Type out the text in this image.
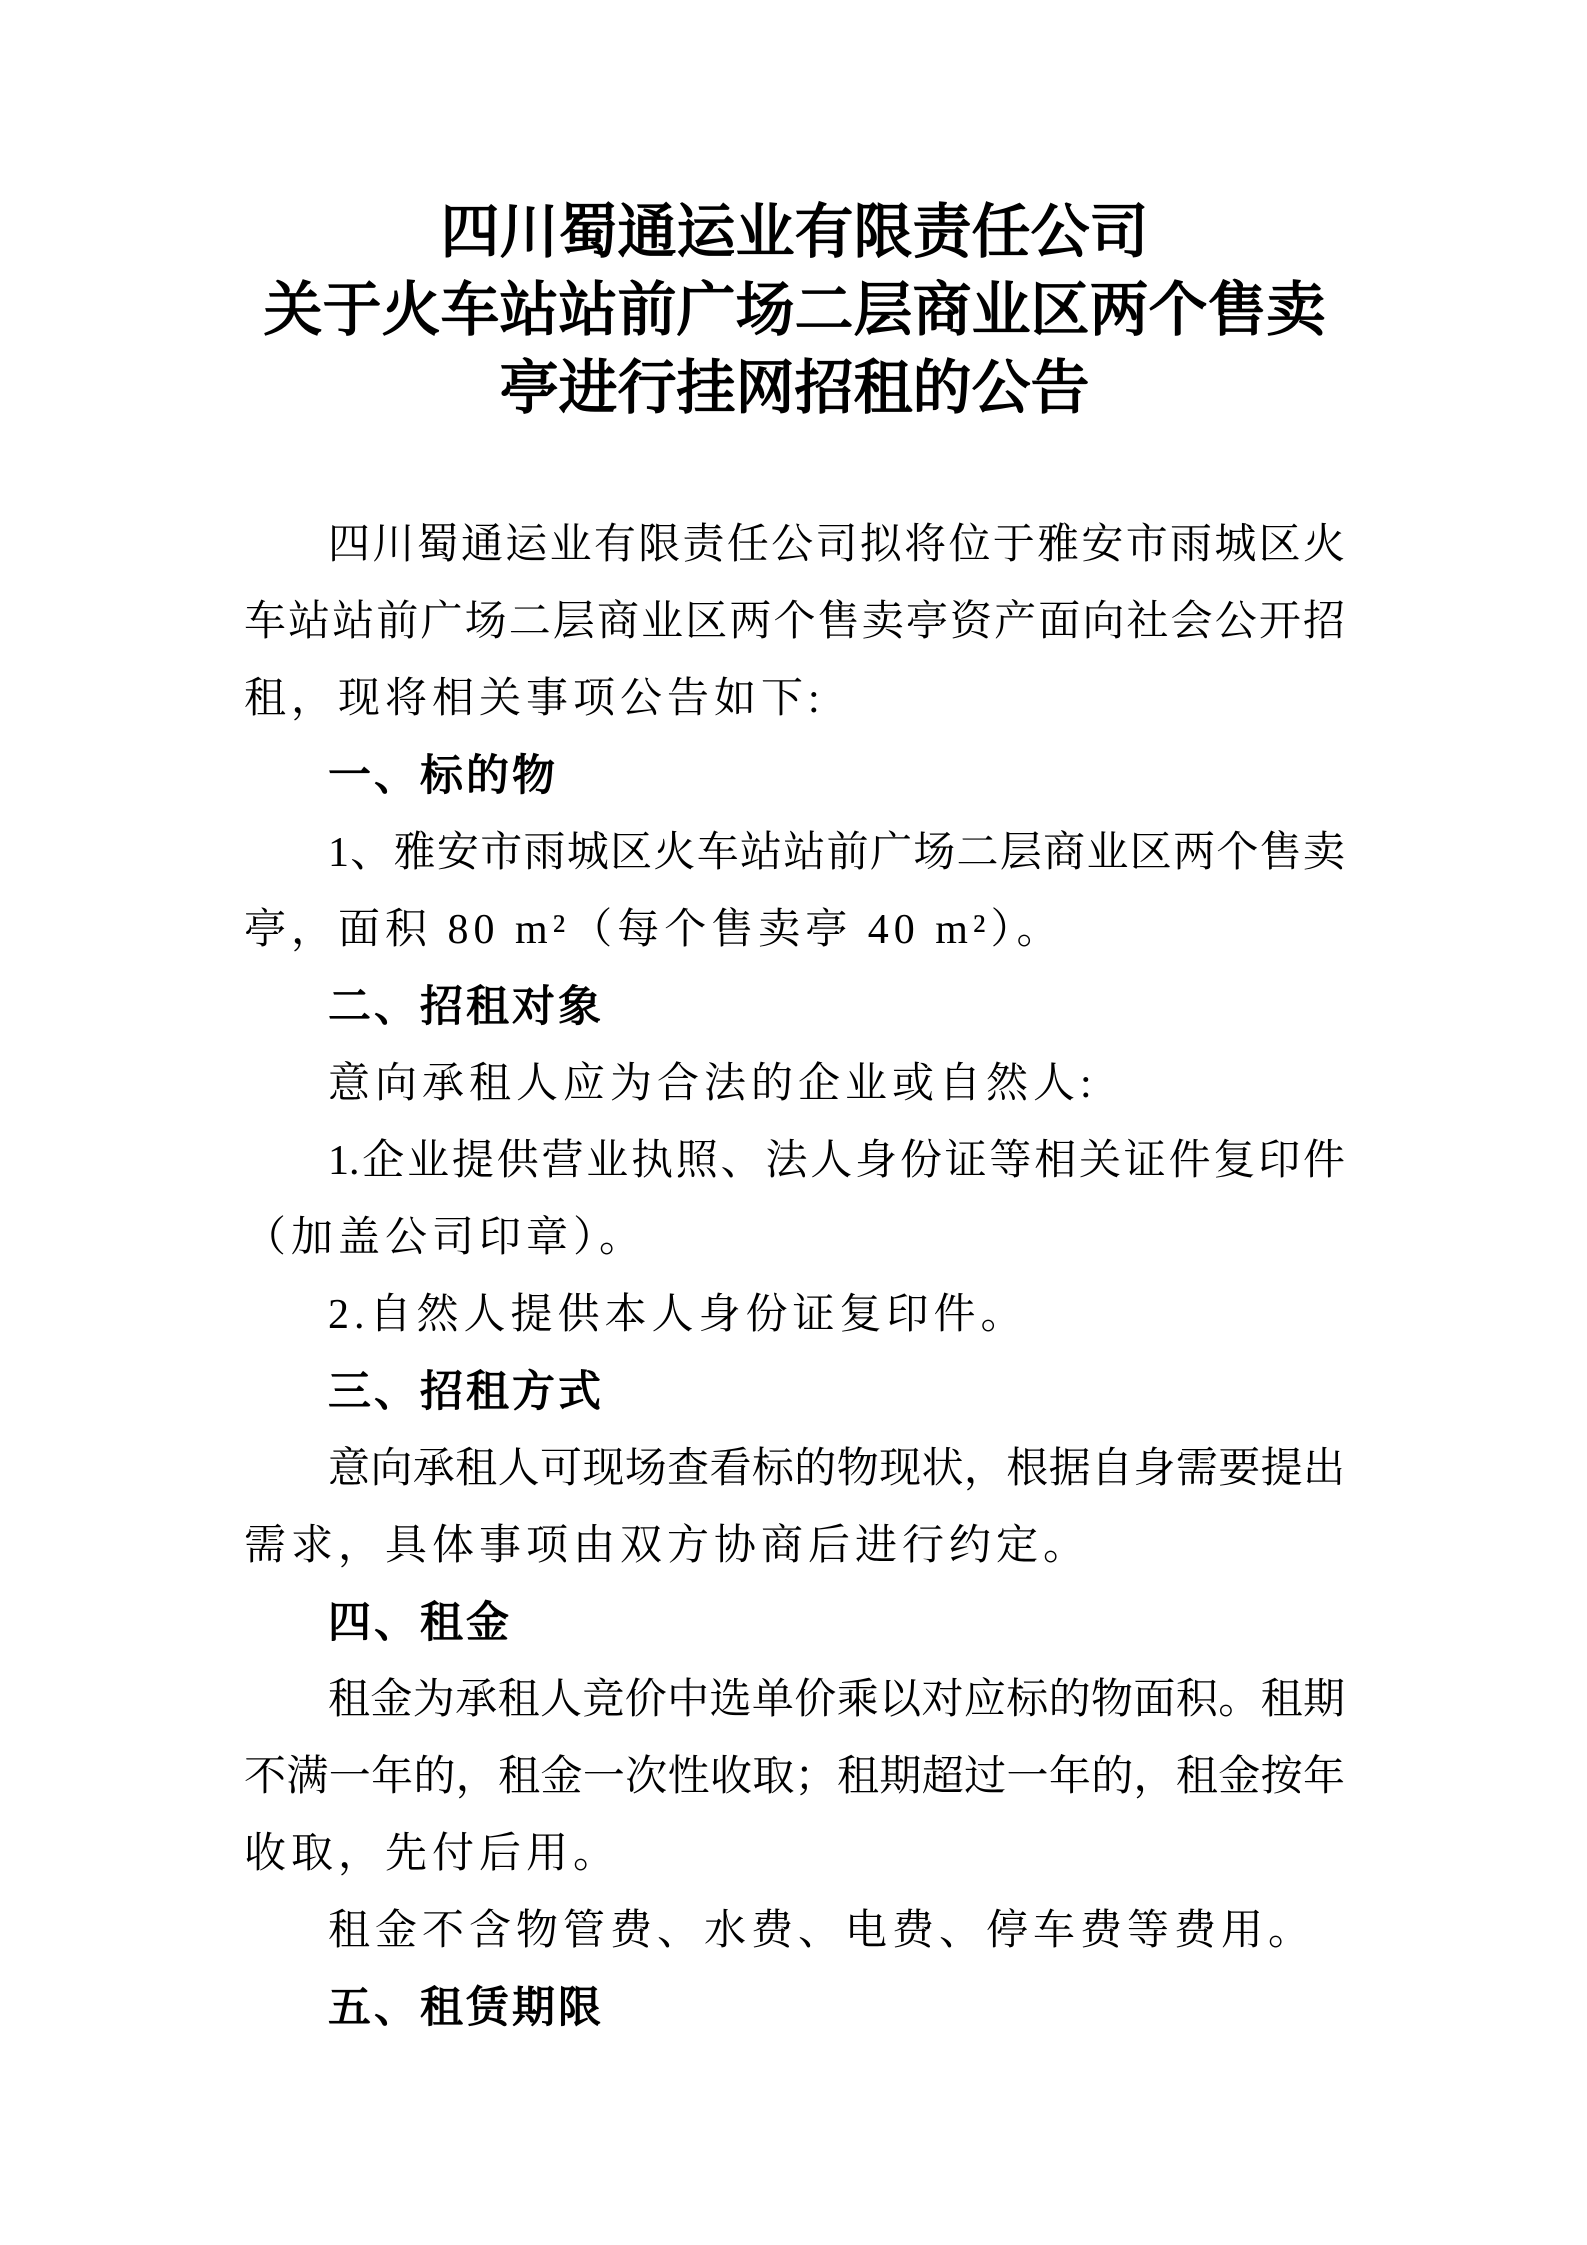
四川蜀通运业有限责任公司
关于火车站站前广场二层商业区两个售卖
亭进行挂网招租的公告
四川蜀通运业有限责任公司拟将位于雅安市雨城区火
车站站前广场二层商业区两个售卖亭资产面向社会公开招
租，现将相关事项公告如下:
一、标的物
1、雅安市雨城区火车站站前广场二层商业区两个售卖
亭，面积 80 m²（每个售卖亭 40 m²）。
二、招租对象
意向承租人应为合法的企业或自然人:
1.企业提供营业执照、法人身份证等相关证件复印件
（加盖公司印章）。
2.自然人提供本人身份证复印件。
三、招租方式
意向承租人可现场查看标的物现状，根据自身需要提出
需求，具体事项由双方协商后进行约定。
四、租金
租金为承租人竞价中选单价乘以对应标的物面积。租期
不满一年的，租金一次性收取；租期超过一年的，租金按年
收取，先付后用。
租金不含物管费、水费、电费、停车费等费用。
五、租赁期限
